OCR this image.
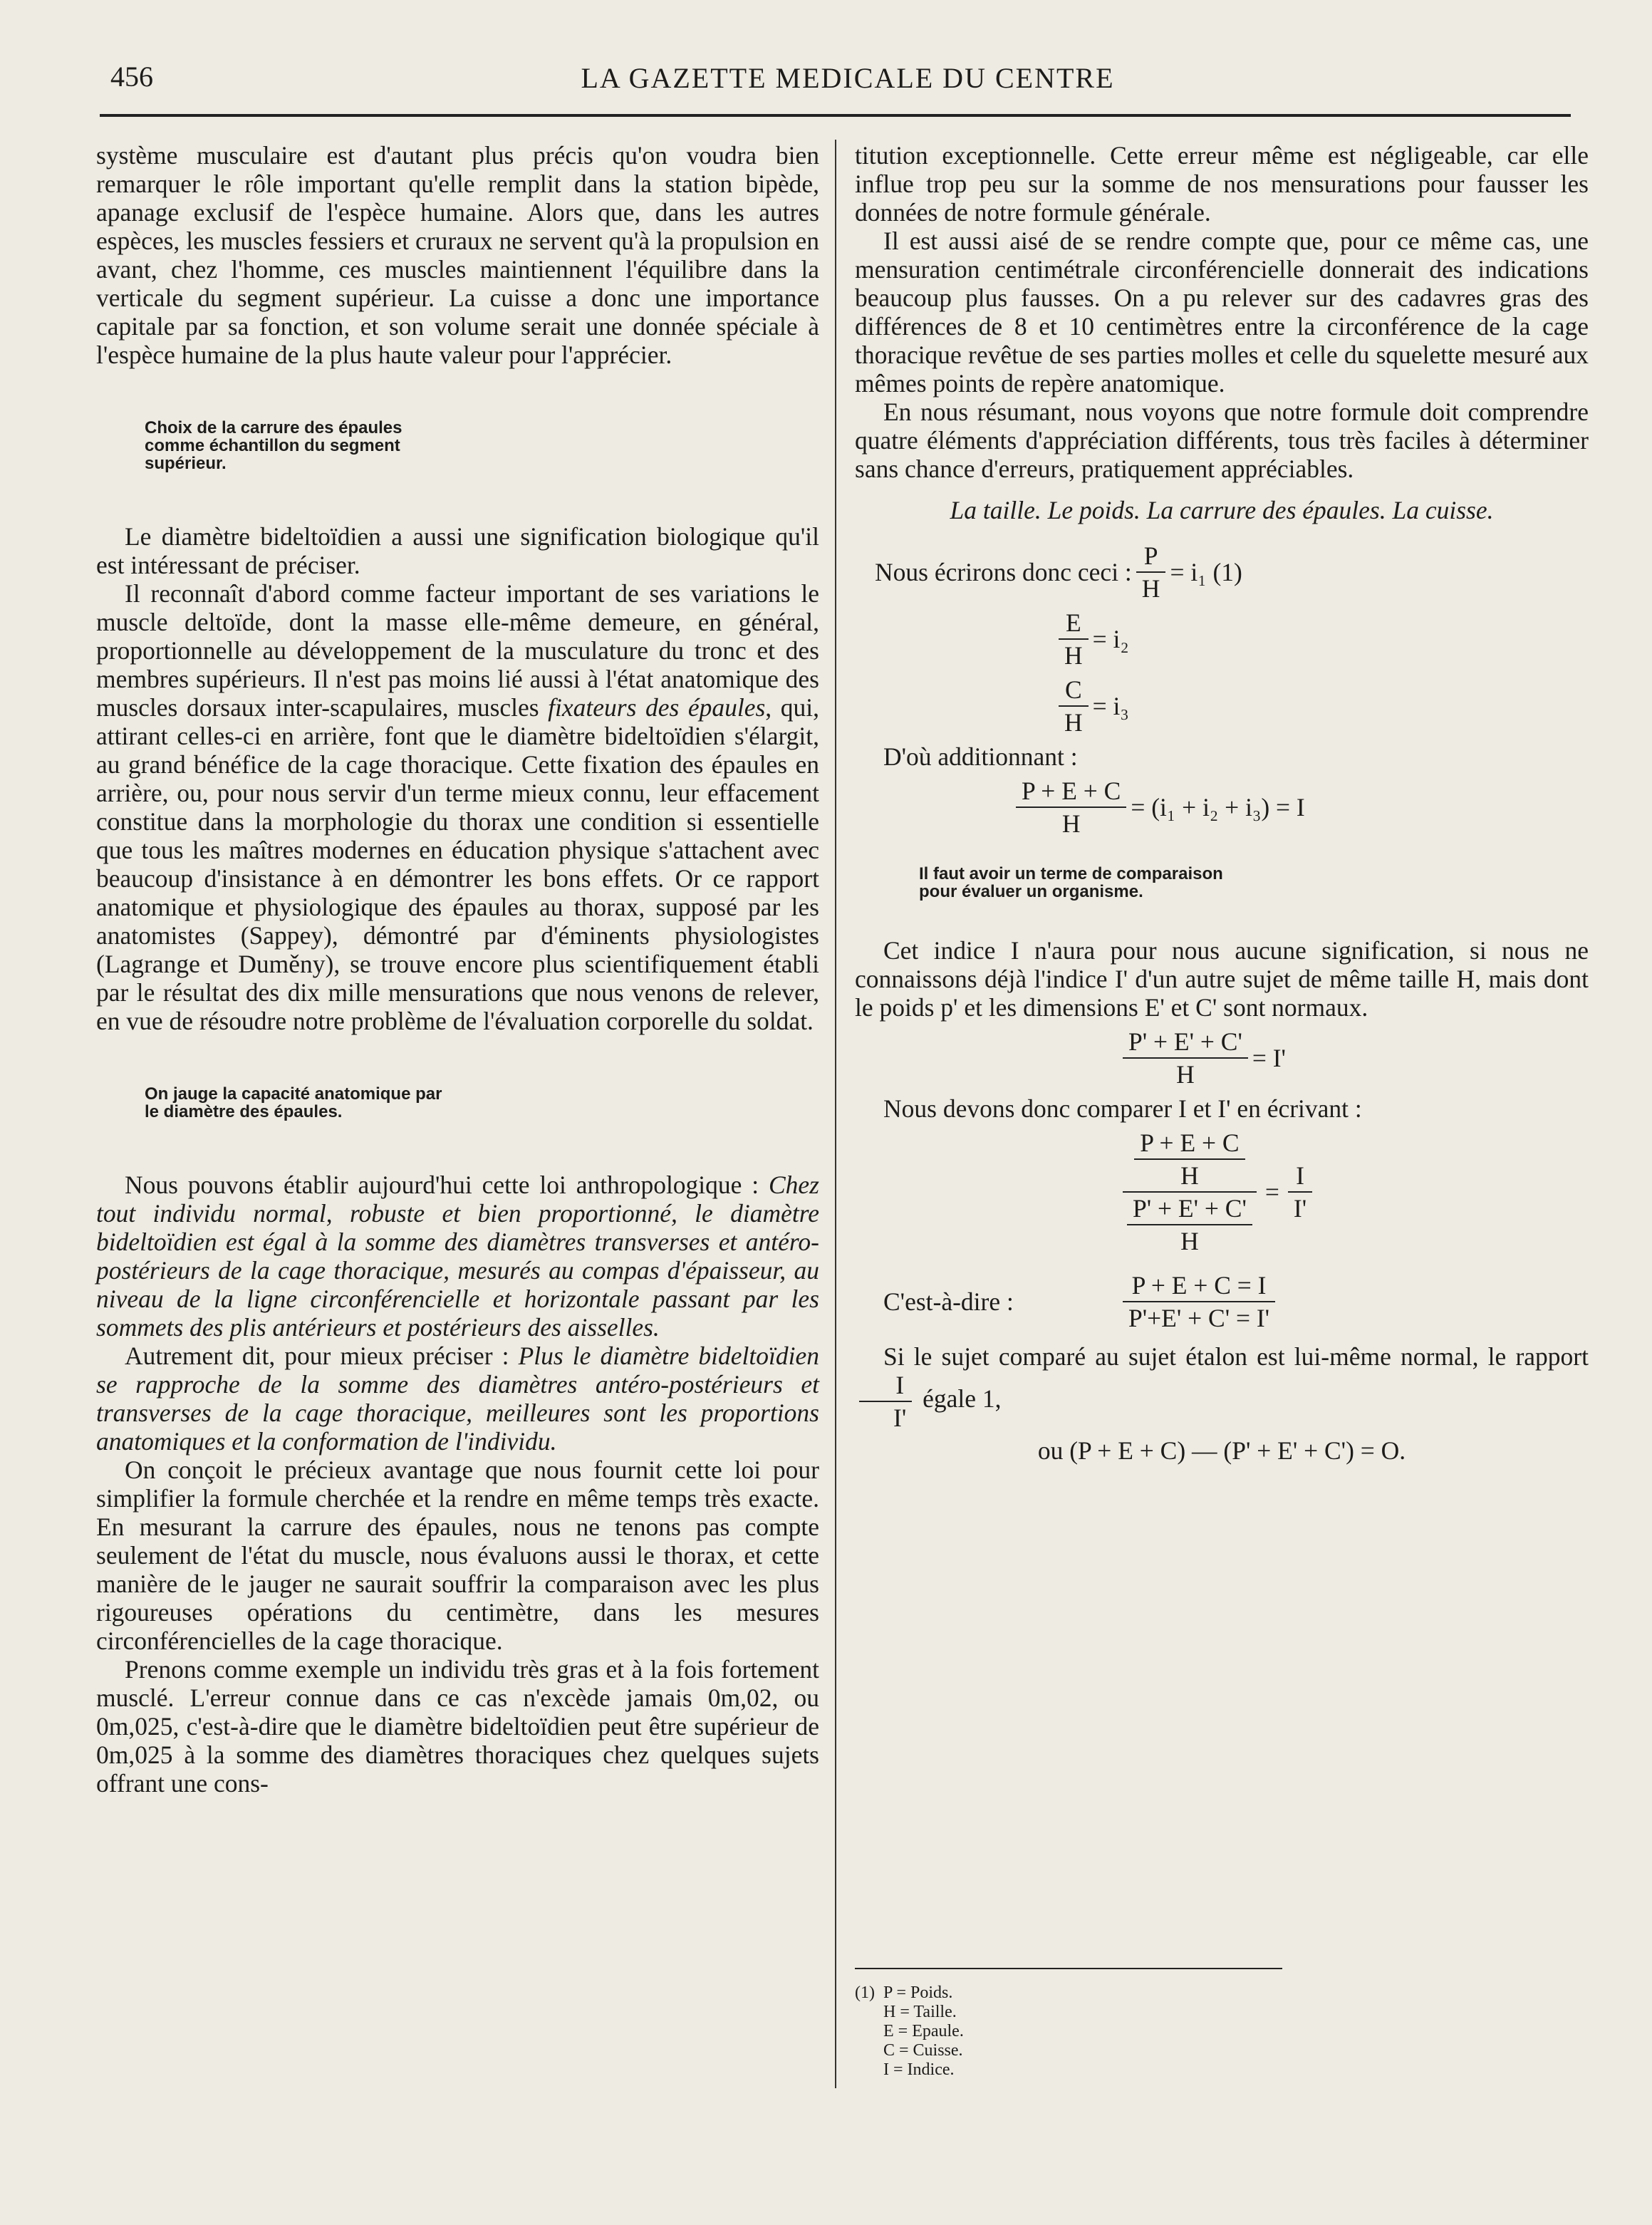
456	LA GAZETTE MEDICALE DU CENTRE

système musculaire est d'autant plus précis qu'on voudra bien remarquer le rôle important qu'elle remplit dans la station bipède, apanage exclusif de l'espèce humaine. Alors que, dans les autres espèces, les muscles fessiers et cruraux ne servent qu'à la propulsion en avant, chez l'homme, ces muscles maintiennent l'équilibre dans la verticale du segment supérieur. La cuisse a donc une importance capitale par sa fonction, et son volume serait une donnée spéciale à l'espèce humaine de la plus haute valeur pour l'apprécier.

Choix de la carrure des épaules comme échantillon du segment supérieur.

Le diamètre bideltoïdien a aussi une signification biologique qu'il est intéressant de préciser.

Il reconnaît d'abord comme facteur important de ses variations le muscle deltoïde, dont la masse elle-même demeure, en général, proportionnelle au développement de la musculature du tronc et des membres supérieurs. Il n'est pas moins lié aussi à l'état anatomique des muscles dorsaux inter-scapulaires, muscles fixateurs des épaules, qui, attirant celles-ci en arrière, font que le diamètre bideltoïdien s'élargit, au grand bénéfice de la cage thoracique. Cette fixation des épaules en arrière, ou, pour nous servir d'un terme mieux connu, leur effacement constitue dans la morphologie du thorax une condition si essentielle que tous les maîtres modernes en éducation physique s'attachent avec beaucoup d'insistance à en démontrer les bons effets. Or ce rapport anatomique et physiologique des épaules au thorax, supposé par les anatomistes (Sappey), démontré par d'éminents physiologistes (Lagrange et Duměny), se trouve encore plus scientifiquement établi par le résultat des dix mille mensurations que nous venons de relever, en vue de résoudre notre problème de l'évaluation corporelle du soldat.

On jauge la capacité anatomique par le diamètre des épaules.

Nous pouvons établir aujourd'hui cette loi anthropologique : Chez tout individu normal, robuste et bien proportionné, le diamètre bideltoïdien est égal à la somme des diamètres transverses et antéro-postérieurs de la cage thoracique, mesurés au compas d'épaisseur, au niveau de la ligne circonférencielle et horizontale passant par les sommets des plis antérieurs et postérieurs des aisselles.

Autrement dit, pour mieux préciser : Plus le diamètre bideltoïdien se rapproche de la somme des diamètres antéro-postérieurs et transverses de la cage thoracique, meilleures sont les proportions anatomiques et la conformation de l'individu.

On conçoit le précieux avantage que nous fournit cette loi pour simplifier la formule cherchée et la rendre en même temps très exacte. En mesurant la carrure des épaules, nous ne tenons pas compte seulement de l'état du muscle, nous évaluons aussi le thorax, et cette manière de le jauger ne saurait souffrir la comparaison avec les plus rigoureuses opérations du centimètre, dans les mesures circonférencielles de la cage thoracique.

Prenons comme exemple un individu très gras et à la fois fortement musclé. L'erreur connue dans ce cas n'excède jamais 0m,02, ou 0m,025, c'est-à-dire que le diamètre bideltoïdien peut être supérieur de 0m,025 à la somme des diamètres thoraciques chez quelques sujets offrant une cons-

titution exceptionnelle. Cette erreur même est négligeable, car elle influe trop peu sur la somme de nos mensurations pour fausser les données de notre formule générale.

Il est aussi aisé de se rendre compte que, pour ce même cas, une mensuration centimétrale circonférencielle donnerait des indications beaucoup plus fausses. On a pu relever sur des cadavres gras des différences de 8 et 10 centimètres entre la circonférence de la cage thoracique revêtue de ses parties molles et celle du squelette mesuré aux mêmes points de repère anatomique.

En nous résumant, nous voyons que notre formule doit comprendre quatre éléments d'appréciation différents, tous très faciles à déterminer sans chance d'erreurs, pratiquement appréciables.

La taille. Le poids. La carrure des épaules. La cuisse.

Nous écrirons donc ceci : $\frac{P}{H} = i_1$ (1)
$\frac{E}{H} = i_2$
$\frac{C}{H} = i_3$
D'où additionnant :
$\frac{P + E + C}{H} = (i_1 + i_2 + i_3) = I$
Il faut avoir un terme de comparaison pour évaluer un organisme.

Cet indice I n'aura pour nous aucune signification, si nous ne connaissons déjà l'indice I' d'un autre sujet de même taille H, mais dont le poids p' et les dimensions E' et C' sont normaux.

$\frac{P' + E' + C'}{H} = I'$

Nous devons donc comparer I et I' en écrivant :

$\frac{\frac{P + E + C}{H}}{\frac{P' + E' + C'}{H}} = \frac{I}{I'}$
C'est-à-dire :	$\frac{P + E + C = I}{P'+E' + C' = I'}$

Si le sujet comparé au sujet étalon est lui-même normal, le rapport
$\frac{I}{I'}$ égale 1,

ou (P + E + C) — (P' + E' + C') = O.

(1) P = Poids.
H = Taille.
E = Epaule.
C = Cuisse.
I = Indice.
